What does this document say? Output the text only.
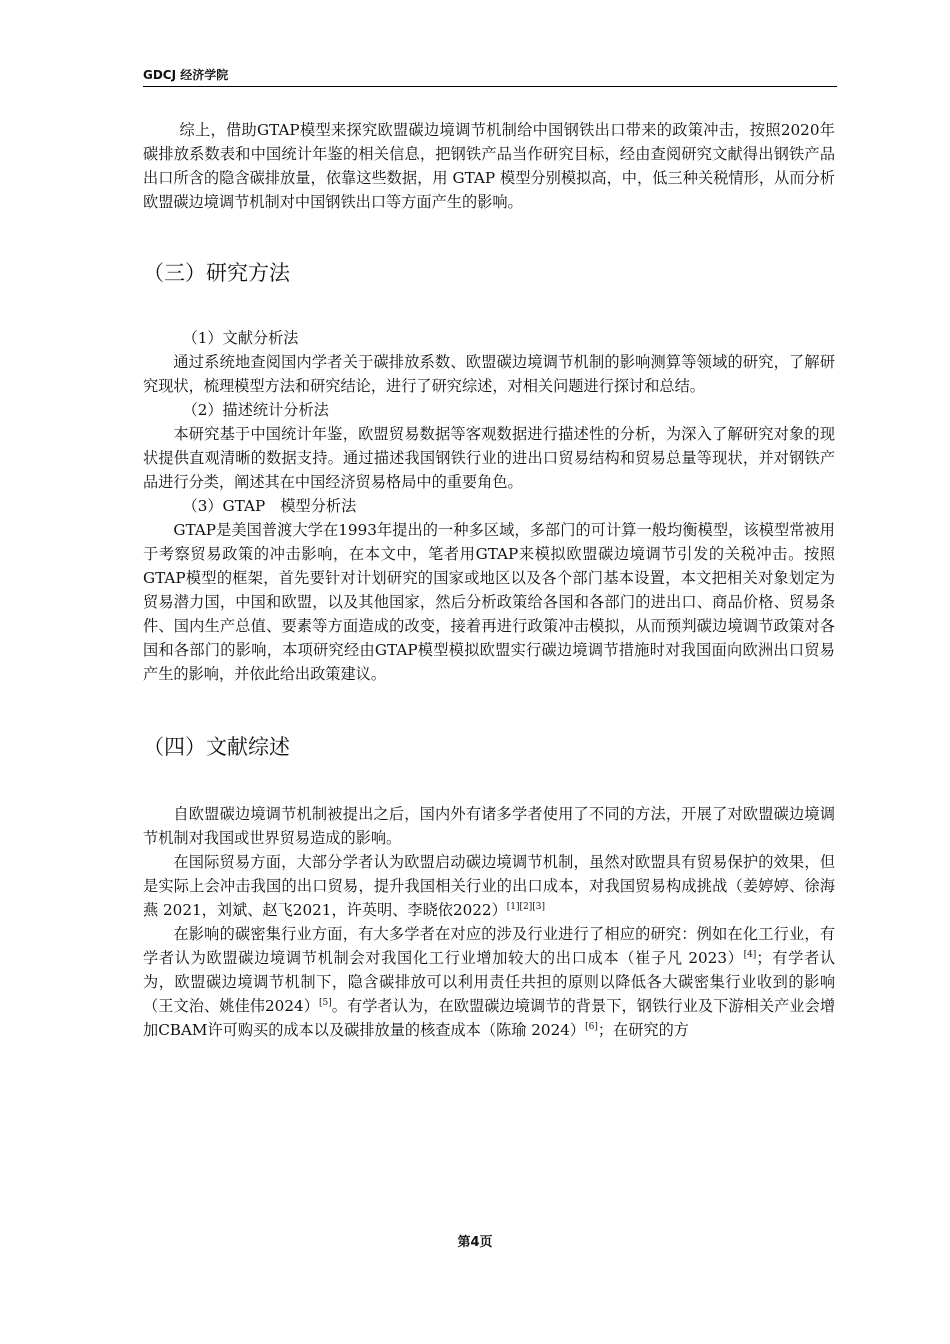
GDCJ 经济学院

综上，借助GTAP模型来探究欧盟碳边境调节机制给中国钢铁出口带来的政策冲击，按照2020年碳排放系数表和中国统计年鉴的相关信息，把钢铁产品当作研究目标，经由查阅研究文献得出钢铁产品出口所含的隐含碳排放量，依靠这些数据，用 GTAP 模型分别模拟高，中，低三种关税情形，从而分析欧盟碳边境调节机制对中国钢铁出口等方面产生的影响。

（三）研究方法

（1）文献分析法

通过系统地查阅国内学者关于碳排放系数、欧盟碳边境调节机制的影响测算等领域的研究，了解研究现状，梳理模型方法和研究结论，进行了研究综述，对相关问题进行探讨和总结。

（2）描述统计分析法

本研究基于中国统计年鉴，欧盟贸易数据等客观数据进行描述性的分析，为深入了解研究对象的现状提供直观清晰的数据支持。通过描述我国钢铁行业的进出口贸易结构和贸易总量等现状，并对钢铁产品进行分类，阐述其在中国经济贸易格局中的重要角色。

（3）GTAP　模型分析法

GTAP是美国普渡大学在1993年提出的一种多区域，多部门的可计算一般均衡模型，该模型常被用于考察贸易政策的冲击影响，在本文中，笔者用GTAP来模拟欧盟碳边境调节引发的关税冲击。按照GTAP模型的框架，首先要针对计划研究的国家或地区以及各个部门基本设置，本文把相关对象划定为贸易潜力国，中国和欧盟，以及其他国家，然后分析政策给各国和各部门的进出口、商品价格、贸易条件、国内生产总值、要素等方面造成的改变，接着再进行政策冲击模拟，从而预判碳边境调节政策对各国和各部门的影响，本项研究经由GTAP模型模拟欧盟实行碳边境调节措施时对我国面向欧洲出口贸易产生的影响，并依此给出政策建议。

（四）文献综述

自欧盟碳边境调节机制被提出之后，国内外有诸多学者使用了不同的方法，开展了对欧盟碳边境调节机制对我国或世界贸易造成的影响。

在国际贸易方面，大部分学者认为欧盟启动碳边境调节机制，虽然对欧盟具有贸易保护的效果，但是实际上会冲击我国的出口贸易，提升我国相关行业的出口成本，对我国贸易构成挑战（姜婷婷、徐海燕 2021，刘斌、赵飞2021，许英明、李晓依2022）[1][2][3]

在影响的碳密集行业方面，有大多学者在对应的涉及行业进行了相应的研究：例如在化工行业，有学者认为欧盟碳边境调节机制会对我国化工行业增加较大的出口成本（崔子凡 2023）[4]；有学者认为，欧盟碳边境调节机制下，隐含碳排放可以利用责任共担的原则以降低各大碳密集行业收到的影响（王文治、姚佳伟2024）[5]。有学者认为，在欧盟碳边境调节的背景下，钢铁行业及下游相关产业会增加CBAM许可购买的成本以及碳排放量的核查成本（陈瑜 2024）[6]；在研究的方

第4页
